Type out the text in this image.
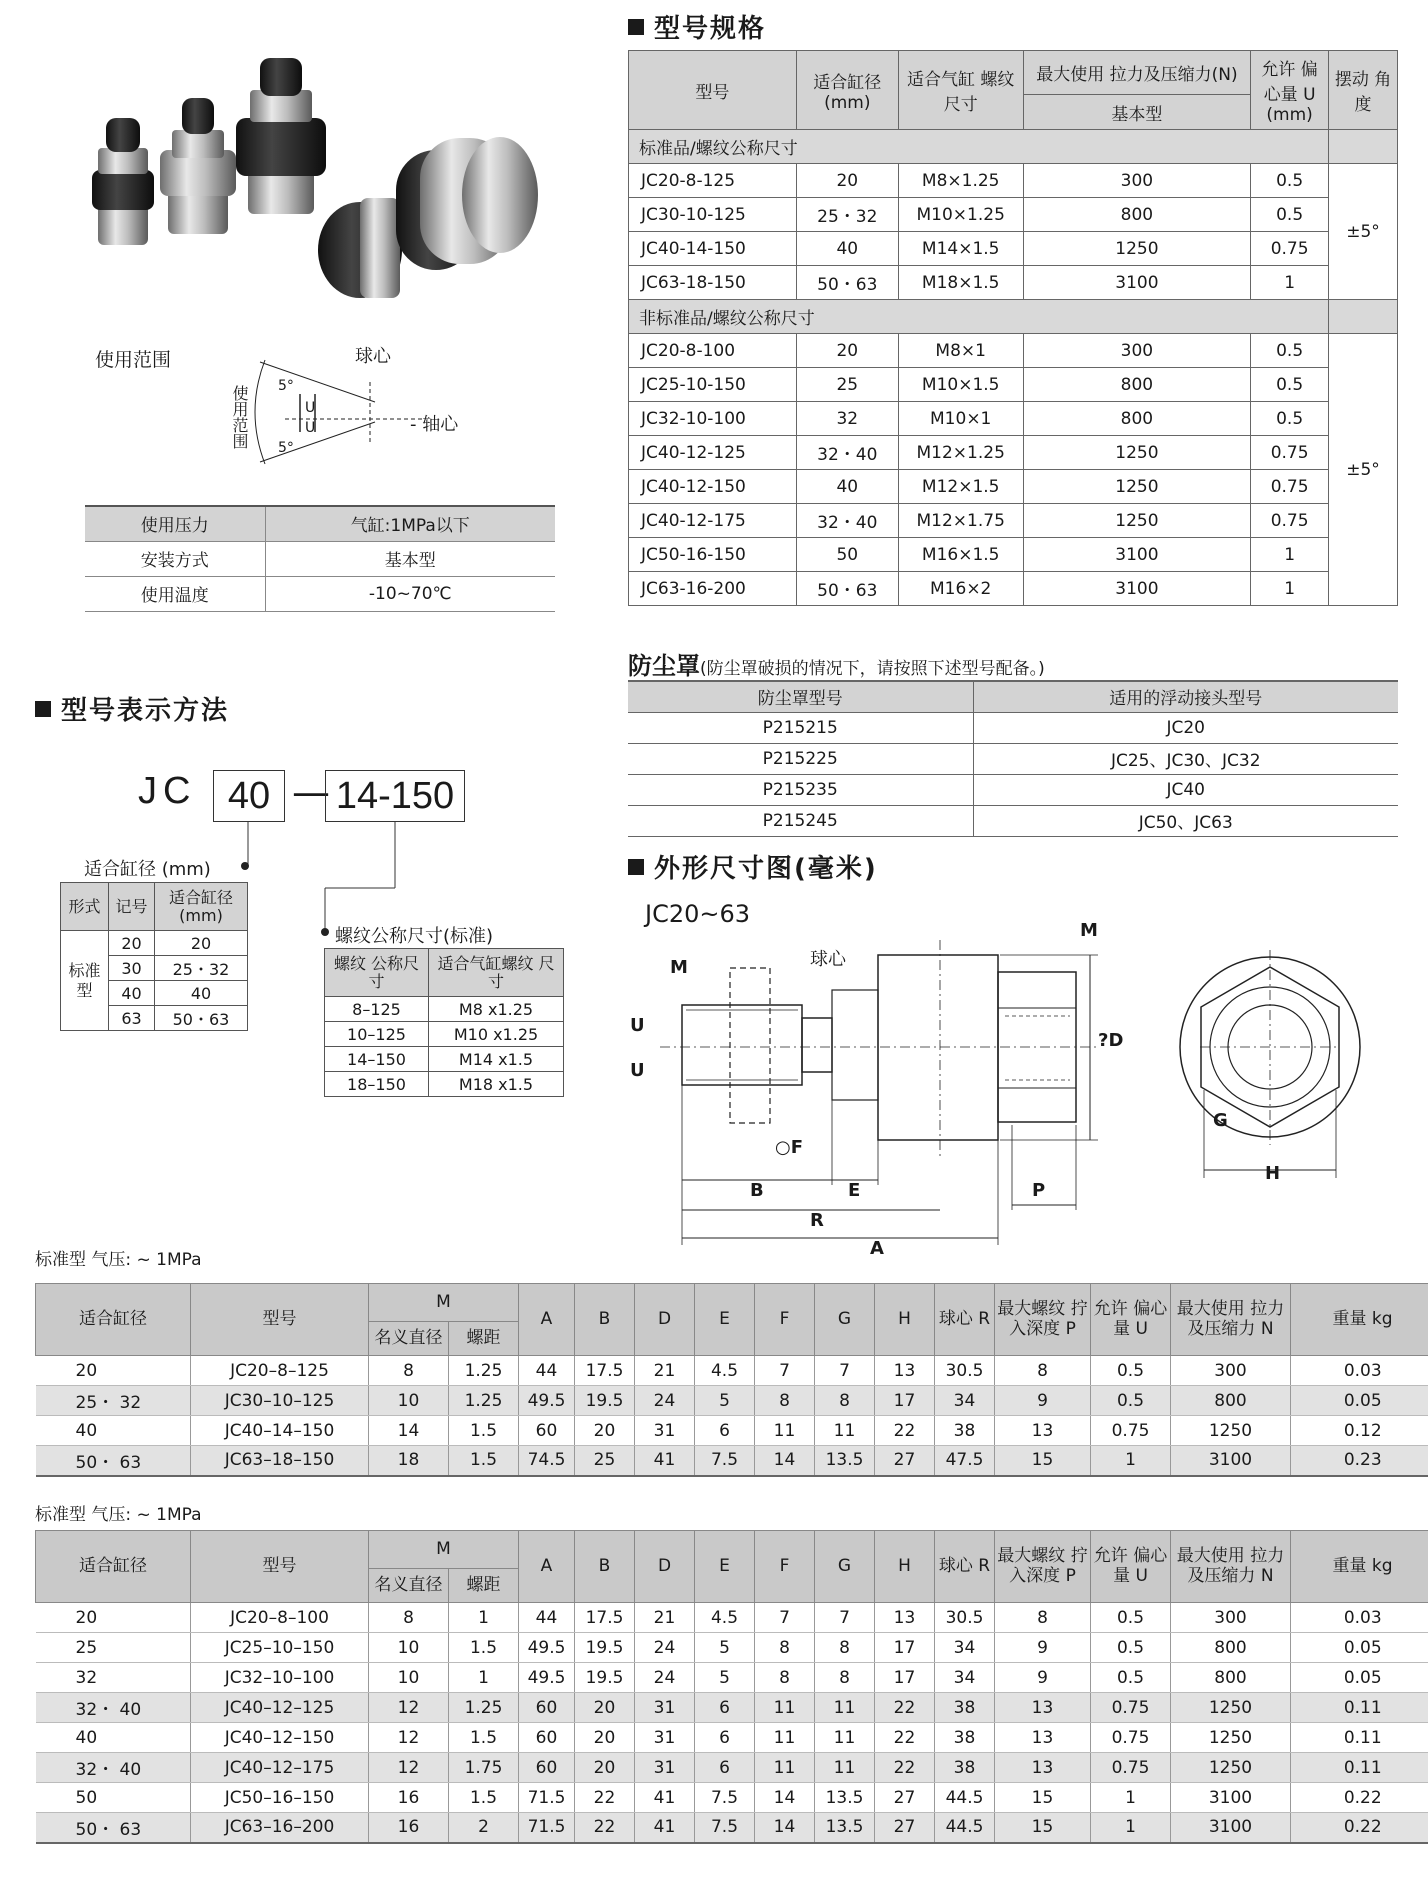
使用范围	球心
- 轴心
使用范围 5°
5°
U
U
使用压力	气缸:1MPa以下
安装方式	基本型
使用温度	-10~70℃
型号规格
型号	适合缸径 (mm)	适合气缸 螺纹尺寸	最大使用 拉力及压缩力(N)	允许 偏心量 U (mm)	摆动 角度
			基本型		
标准品/螺纹公称尺寸					
JC20-8-125	20	M8×1.25	300	0.5	±5°
JC30-10-125	25・32	M10×1.25	800	0.5	
JC40-14-150	40	M14×1.5	1250	0.75	
JC63-18-150	50・63	M18×1.5	3100	1	
非标准品/螺纹公称尺寸					
JC20-8-100	20	M8×1	300	0.5	±5°
JC25-10-150	25	M10×1.5	800	0.5	
JC32-10-100	32	M10×1	800	0.5	
JC40-12-125	32・40	M12×1.25	1250	0.75	
JC40-12-150	40	M12×1.5	1250	0.75	
JC40-12-175	32・40	M12×1.75	1250	0.75	
JC50-16-150	50	M16×1.5	3100	1	
JC63-16-200	50・63	M16×2	3100	1	
防尘罩 (防尘罩破损的情况下，请按照下述型号配备。)
防尘罩型号	适用的浮动接头型号
P215215	JC20
P215225	JC25、JC30、JC32
P215235	JC40
P215245	JC50、JC63
型号表示方法
JC 40 — 14-150
适合缸径 (mm)
螺纹公称尺寸(标准)
形式	记号	适合缸径 (mm)
标准型	20	20
	30	25・32
	40	40
	63	50・63
螺纹 公称尺寸	适合气缸螺纹 尺寸
8–125	M8 x1.25
10–125	M10 x1.25
14–150	M14 x1.5
18–150	M18 x1.5
外形尺寸图(毫米)
JC20~63
M
M
球心
U
U
○F
?D
B	E
R
A
P
H
G
标准型 气压: ~ 1MPa
适合缸径	型号	M		A	B	D	E	F	G	H	球心 R	最大螺纹 拧入深度 P	允许 偏心量 U	最大使用 拉力及压缩力 N	重量 kg
		名义直径	螺距												
20	JC20–8–125	8	1.25	44	17.5	21	4.5	7	7	13	30.5	8	0.5	300	0.03
25・ 32	JC30–10–125	10	1.25	49.5	19.5	24	5	8	8	17	34	9	0.5	800	0.05
40	JC40–14–150	14	1.5	60	20	31	6	11	11	22	38	13	0.75	1250	0.12
50・ 63	JC63–18–150	18	1.5	74.5	25	41	7.5	14	13.5	27	47.5	15	1	3100	0.23
标准型 气压: ~ 1MPa
适合缸径	型号	M		A	B	D	E	F	G	H	球心 R	最大螺纹 拧入深度 P	允许 偏心量 U	最大使用 拉力及压缩力 N	重量 kg
		名义直径	螺距												
20	JC20–8–100	8	1	44	17.5	21	4.5	7	7	13	30.5	8	0.5	300	0.03
25	JC25–10–150	10	1.5	49.5	19.5	24	5	8	8	17	34	9	0.5	800	0.05
32	JC32–10–100	10	1	49.5	19.5	24	5	8	8	17	34	9	0.5	800	0.05
32・ 40	JC40–12–125	12	1.25	60	20	31	6	11	11	22	38	13	0.75	1250	0.11
40	JC40–12–150	12	1.5	60	20	31	6	11	11	22	38	13	0.75	1250	0.11
32・ 40	JC40–12–175	12	1.75	60	20	31	6	11	11	22	38	13	0.75	1250	0.11
50	JC50–16–150	16	1.5	71.5	22	41	7.5	14	13.5	27	44.5	15	1	3100	0.22
50・ 63	JC63–16–200	16	2	71.5	22	41	7.5	14	13.5	27	44.5	15	1	3100	0.22
